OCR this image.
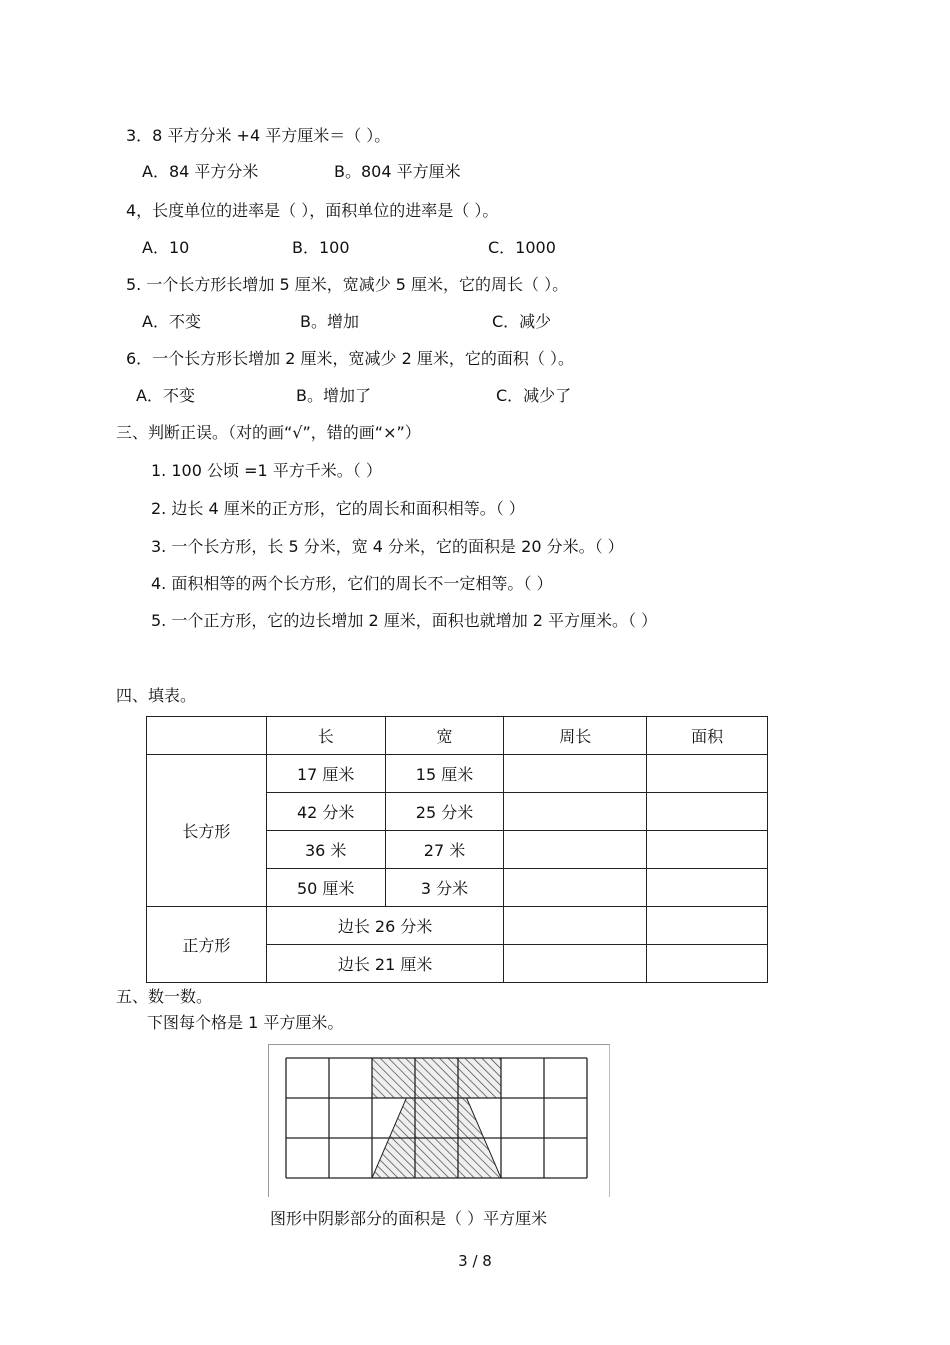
3．8 平方分米 +4 平方厘米＝（ ）。
A．84 平方分米	B。804 平方厘米
4，长度单位的进率是（ ），面积单位的进率是（ ）。
A．10	B．100	C．1000
5. 一个长方形长增加 5 厘米，宽减少 5 厘米，它的周长（ ）。
A．不变	B。增加	C．减少
6．一个长方形长增加 2 厘米，宽减少 2 厘米，它的面积（ ）。
A．不变	B。增加了	C．减少了
三、判断正误。（对的画“√”，错的画“×”）
1. 100 公顷 =1 平方千米。（ ）
2. 边长 4 厘米的正方形，它的周长和面积相等。（ ）
3. 一个长方形，长 5 分米，宽 4 分米，它的面积是 20 分米。（ ）
4. 面积相等的两个长方形，它们的周长不一定相等。（ ）
5. 一个正方形，它的边长增加 2 厘米，面积也就增加 2 平方厘米。（ ）
四、填表。
	长	宽	周长	面积
长方形	17 厘米	15 厘米		
	42 分米	25 分米		
	36 米	27 米		
	50 厘米	3 分米		
正方形	边长 26 分米			
	边长 21 厘米			
五、数一数。
下图每个格是 1 平方厘米。
图形中阴影部分的面积是（ ）平方厘米
3 / 8
